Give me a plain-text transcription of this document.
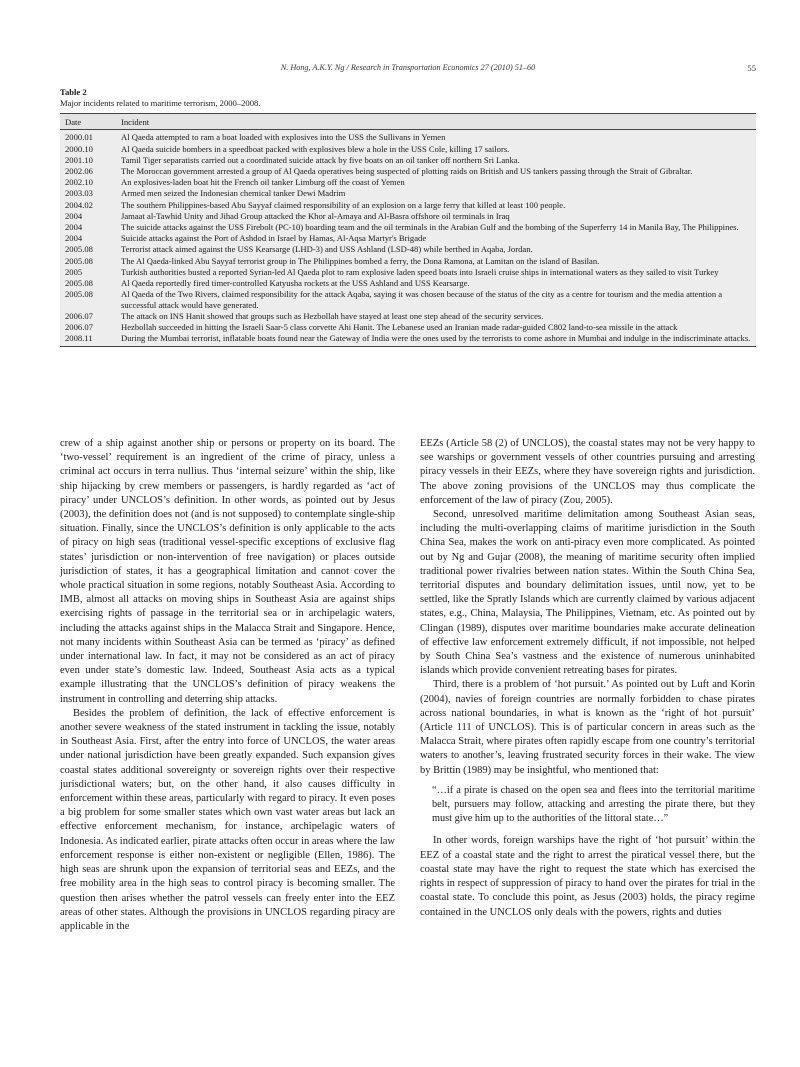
N. Hong, A.K.Y. Ng / Research in Transportation Economics 27 (2010) 51–60	55
Table 2
Major incidents related to maritime terrorism, 2000–2008.
Date	Incident
2000.01	Al Qaeda attempted to ram a boat loaded with explosives into the USS the Sullivans in Yemen
2000.10	Al Qaeda suicide bombers in a speedboat packed with explosives blew a hole in the USS Cole, killing 17 sailors.
2001.10	Tamil Tiger separatists carried out a coordinated suicide attack by five boats on an oil tanker off northern Sri Lanka.
2002.06	The Moroccan government arrested a group of Al Qaeda operatives being suspected of plotting raids on British and US tankers passing through the Strait of Gibraltar.
2002.10	An explosives-laden boat hit the French oil tanker Limburg off the coast of Yemen
2003.03	Armed men seized the Indonesian chemical tanker Dewi Madrim
2004.02	The southern Philippines-based Abu Sayyaf claimed responsibility of an explosion on a large ferry that killed at least 100 people.
2004	Jamaat al-Tawhid Unity and Jihad Group attacked the Khor al-Amaya and Al-Basra offshore oil terminals in Iraq
2004	The suicide attacks against the USS Firebolt (PC-10) boarding team and the oil terminals in the Arabian Gulf and the bombing of the Superferry 14 in Manila Bay, The Philippines.
2004	Suicide attacks against the Port of Ashdod in Israel by Hamas, Al-Aqsa Martyr's Brigade
2005.08	Terrorist attack aimed against the USS Kearsarge (LHD-3) and USS Ashland (LSD-48) while berthed in Aqaba, Jordan.
2005.08	The Al Qaeda-linked Abu Sayyaf terrorist group in The Philippines bombed a ferry, the Dona Ramona, at Lamitan on the island of Basilan.
2005	Turkish authorities busted a reported Syrian-led Al Qaeda plot to ram explosive laden speed boats into Israeli cruise ships in international waters as they sailed to visit Turkey
2005.08	Al Qaeda reportedly fired timer-controlled Katyusha rockets at the USS Ashland and USS Kearsarge.
2005.08	Al Qaeda of the Two Rivers, claimed responsibility for the attack Aqaba, saying it was chosen because of the status of the city as a centre for tourism and the media attention a successful attack would have generated.
2006.07	The attack on INS Hanit showed that groups such as Hezbollah have stayed at least one step ahead of the security services.
2006.07	Hezbollah succeeded in hitting the Israeli Saar-5 class corvette Ahi Hanit. The Lebanese used an Iranian made radar-guided C802 land-to-sea missile in the attack
2008.11	During the Mumbai terrorist, inflatable boats found near the Gateway of India were the ones used by the terrorists to come ashore in Mumbai and indulge in the indiscriminate attacks.

crew of a ship against another ship or persons or property on its board. The ‘two-vessel’ requirement is an ingredient of the crime of piracy, unless a criminal act occurs in terra nullius. Thus ‘internal seizure’ within the ship, like ship hijacking by crew members or passengers, is hardly regarded as ‘act of piracy’ under UNCLOS’s definition. In other words, as pointed out by Jesus (2003), the definition does not (and is not supposed) to contemplate single-ship situation. Finally, since the UNCLOS’s definition is only applicable to the acts of piracy on high seas (traditional vessel-specific exceptions of exclusive flag states’ jurisdiction or non-intervention of free navigation) or places outside jurisdiction of states, it has a geographical limitation and cannot cover the whole practical situation in some regions, notably Southeast Asia. According to IMB, almost all attacks on moving ships in Southeast Asia are against ships exercising rights of passage in the territorial sea or in archipelagic waters, including the attacks against ships in the Malacca Strait and Singapore. Hence, not many incidents within Southeast Asia can be termed as ‘piracy’ as defined under international law. In fact, it may not be considered as an act of piracy even under state’s domestic law. Indeed, Southeast Asia acts as a typical example illustrating that the UNCLOS’s definition of piracy weakens the instrument in controlling and deterring ship attacks.

Besides the problem of definition, the lack of effective enforcement is another severe weakness of the stated instrument in tackling the issue, notably in Southeast Asia. First, after the entry into force of UNCLOS, the water areas under national jurisdiction have been greatly expanded. Such expansion gives coastal states additional sovereignty or sovereign rights over their respective jurisdictional waters; but, on the other hand, it also causes difficulty in enforcement within these areas, particularly with regard to piracy. It even poses a big problem for some smaller states which own vast water areas but lack an effective enforcement mechanism, for instance, archipelagic waters of Indonesia. As indicated earlier, pirate attacks often occur in areas where the law enforcement response is either non-existent or negligible (Ellen, 1986). The high seas are shrunk upon the expansion of territorial seas and EEZs, and the free mobility area in the high seas to control piracy is becoming smaller. The question then arises whether the patrol vessels can freely enter into the EEZ areas of other states. Although the provisions in UNCLOS regarding piracy are applicable in the

EEZs (Article 58 (2) of UNCLOS), the coastal states may not be very happy to see warships or government vessels of other countries pursuing and arresting piracy vessels in their EEZs, where they have sovereign rights and jurisdiction. The above zoning provisions of the UNCLOS may thus complicate the enforcement of the law of piracy (Zou, 2005).

Second, unresolved maritime delimitation among Southeast Asian seas, including the multi-overlapping claims of maritime jurisdiction in the South China Sea, makes the work on anti-piracy even more complicated. As pointed out by Ng and Gujar (2008), the meaning of maritime security often implied traditional power rivalries between nation states. Within the South China Sea, territorial disputes and boundary delimitation issues, until now, yet to be settled, like the Spratly Islands which are currently claimed by various adjacent states, e.g., China, Malaysia, The Philippines, Vietnam, etc. As pointed out by Clingan (1989), disputes over maritime boundaries make accurate delineation of effective law enforcement extremely difficult, if not impossible, not helped by South China Sea’s vastness and the existence of numerous uninhabited islands which provide convenient retreating bases for pirates.

Third, there is a problem of ‘hot pursuit.’ As pointed out by Luft and Korin (2004), navies of foreign countries are normally forbidden to chase pirates across national boundaries, in what is known as the ‘right of hot pursuit’ (Article 111 of UNCLOS). This is of particular concern in areas such as the Malacca Strait, where pirates often rapidly escape from one country’s territorial waters to another’s, leaving frustrated security forces in their wake. The view by Brittin (1989) may be insightful, who mentioned that:

“…if a pirate is chased on the open sea and flees into the territorial maritime belt, pursuers may follow, attacking and arresting the pirate there, but they must give him up to the authorities of the littoral state…”

In other words, foreign warships have the right of ‘hot pursuit’ within the EEZ of a coastal state and the right to arrest the piratical vessel there, but the coastal state may have the right to request the state which has exercised the rights in respect of suppression of piracy to hand over the pirates for trial in the coastal state. To conclude this point, as Jesus (2003) holds, the piracy regime contained in the UNCLOS only deals with the powers, rights and duties
